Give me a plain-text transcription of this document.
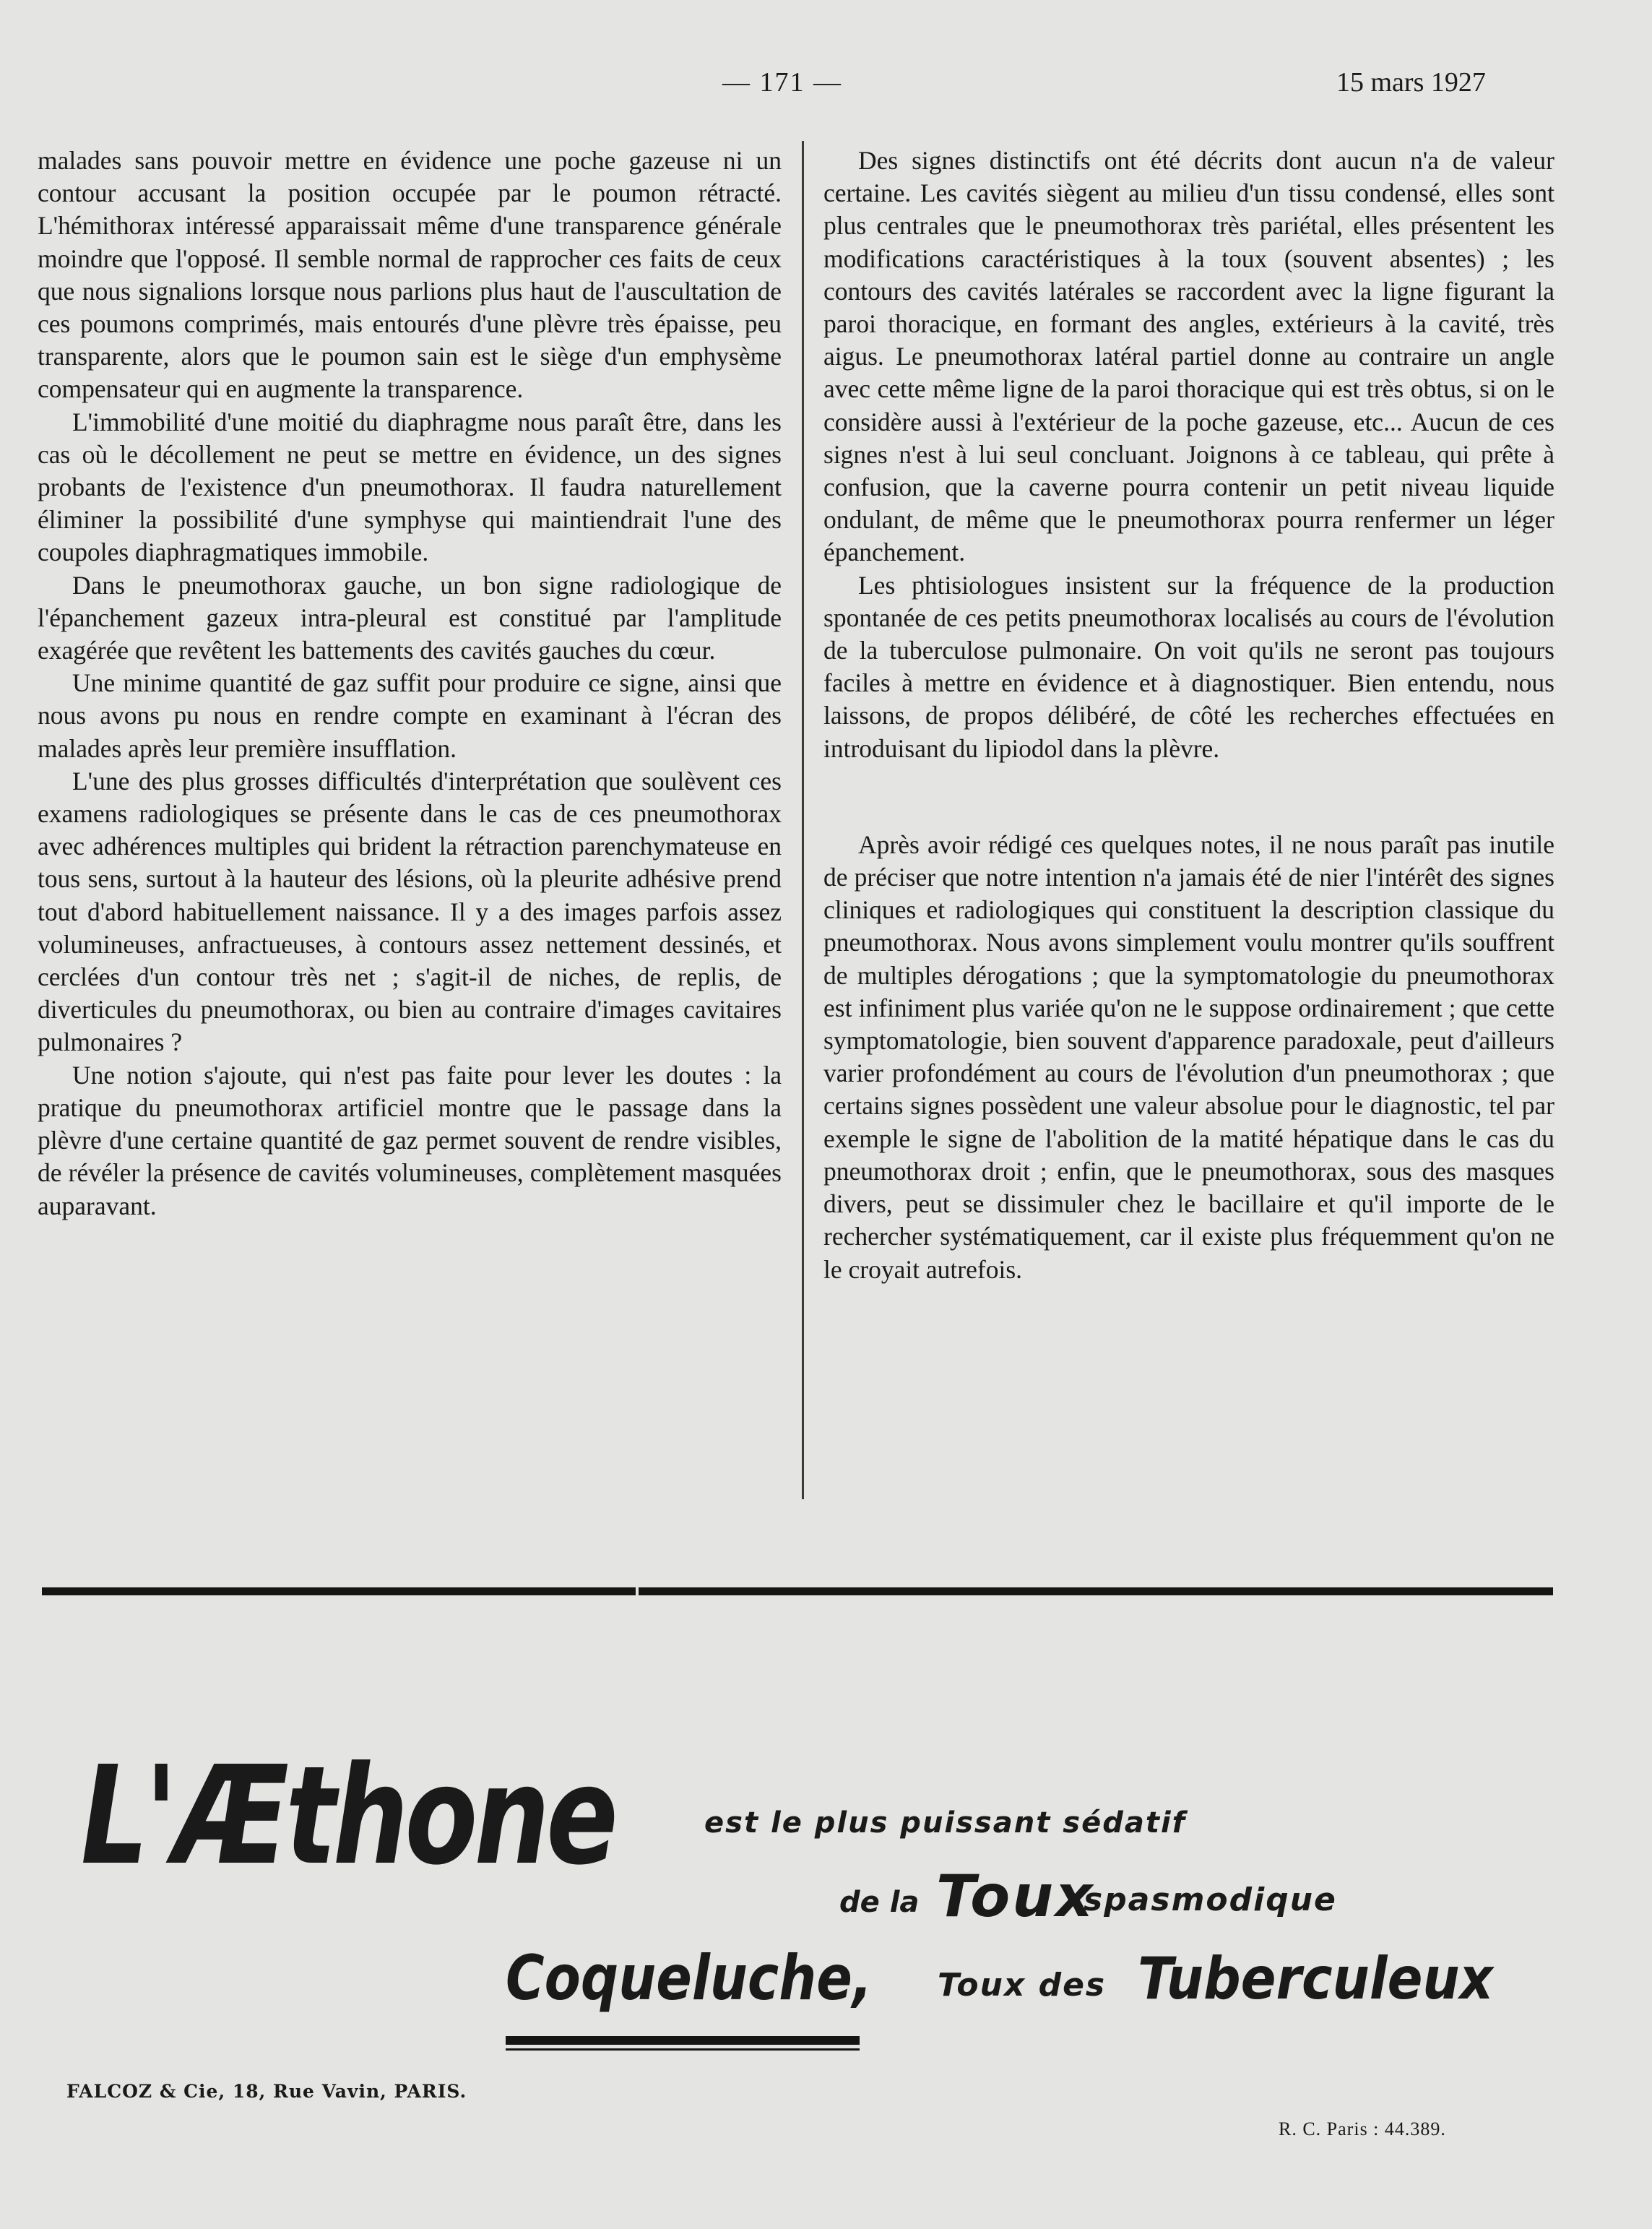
— 171 —	15 mars 1927

malades sans pouvoir mettre en évidence une poche gazeuse ni un contour accusant la position occupée par le poumon rétracté. L'hémithorax intéressé apparaissait même d'une transparence générale moindre que l'opposé. Il semble normal de rapprocher ces faits de ceux que nous signalions lorsque nous parlions plus haut de l'auscultation de ces poumons comprimés, mais entourés d'une plèvre très épaisse, peu transparente, alors que le poumon sain est le siège d'un emphysème compensateur qui en augmente la transparence.

L'immobilité d'une moitié du diaphragme nous paraît être, dans les cas où le décollement ne peut se mettre en évidence, un des signes probants de l'existence d'un pneumothorax. Il faudra naturellement éliminer la possibilité d'une symphyse qui maintiendrait l'une des coupoles diaphragmatiques immobile.

Dans le pneumothorax gauche, un bon signe radiologique de l'épanchement gazeux intra-pleural est constitué par l'amplitude exagérée que revêtent les battements des cavités gauches du cœur.

Une minime quantité de gaz suffit pour produire ce signe, ainsi que nous avons pu nous en rendre compte en examinant à l'écran des malades après leur première insufflation.

L'une des plus grosses difficultés d'interprétation que soulèvent ces examens radiologiques se présente dans le cas de ces pneumothorax avec adhérences multiples qui brident la rétraction parenchymateuse en tous sens, surtout à la hauteur des lésions, où la pleurite adhésive prend tout d'abord habituellement naissance. Il y a des images parfois assez volumineuses, anfractueuses, à contours assez nettement dessinés, et cerclées d'un contour très net ; s'agit-il de niches, de replis, de diverticules du pneumothorax, ou bien au contraire d'images cavitaires pulmonaires ?

Une notion s'ajoute, qui n'est pas faite pour lever les doutes : la pratique du pneumothorax artificiel montre que le passage dans la plèvre d'une certaine quantité de gaz permet souvent de rendre visibles, de révéler la présence de cavités volumineuses, complètement masquées auparavant.

Des signes distinctifs ont été décrits dont aucun n'a de valeur certaine. Les cavités siègent au milieu d'un tissu condensé, elles sont plus centrales que le pneumothorax très pariétal, elles présentent les modifications caractéristiques à la toux (souvent absentes) ; les contours des cavités latérales se raccordent avec la ligne figurant la paroi thoracique, en formant des angles, extérieurs à la cavité, très aigus. Le pneumothorax latéral partiel donne au contraire un angle avec cette même ligne de la paroi thoracique qui est très obtus, si on le considère aussi à l'extérieur de la poche gazeuse, etc... Aucun de ces signes n'est à lui seul concluant. Joignons à ce tableau, qui prête à confusion, que la caverne pourra contenir un petit niveau liquide ondulant, de même que le pneumothorax pourra renfermer un léger épanchement.

Les phtisiologues insistent sur la fréquence de la production spontanée de ces petits pneumothorax localisés au cours de l'évolution de la tuberculose pulmonaire. On voit qu'ils ne seront pas toujours faciles à mettre en évidence et à diagnostiquer. Bien entendu, nous laissons, de propos délibéré, de côté les recherches effectuées en introduisant du lipiodol dans la plèvre.

Après avoir rédigé ces quelques notes, il ne nous paraît pas inutile de préciser que notre intention n'a jamais été de nier l'intérêt des signes cliniques et radiologiques qui constituent la description classique du pneumothorax. Nous avons simplement voulu montrer qu'ils souffrent de multiples dérogations ; que la symptomatologie du pneumothorax est infiniment plus variée qu'on ne le suppose ordinairement ; que cette symptomatologie, bien souvent d'apparence paradoxale, peut d'ailleurs varier profondément au cours de l'évolution d'un pneumothorax ; que certains signes possèdent une valeur absolue pour le diagnostic, tel par exemple le signe de l'abolition de la matité hépatique dans le cas du pneumothorax droit ; enfin, que le pneumothorax, sous des masques divers, peut se dissimuler chez le bacillaire et qu'il importe de le rechercher systématiquement, car il existe plus fréquemment qu'on ne le croyait autrefois.

L'Æthone	est le plus puissant sédatif
de la Toux
spasmodique
Coqueluche, Toux des Tuberculeux
FALCOZ & Cie, 18, Rue Vavin, PARIS.
R. C. Paris : 44.389.
